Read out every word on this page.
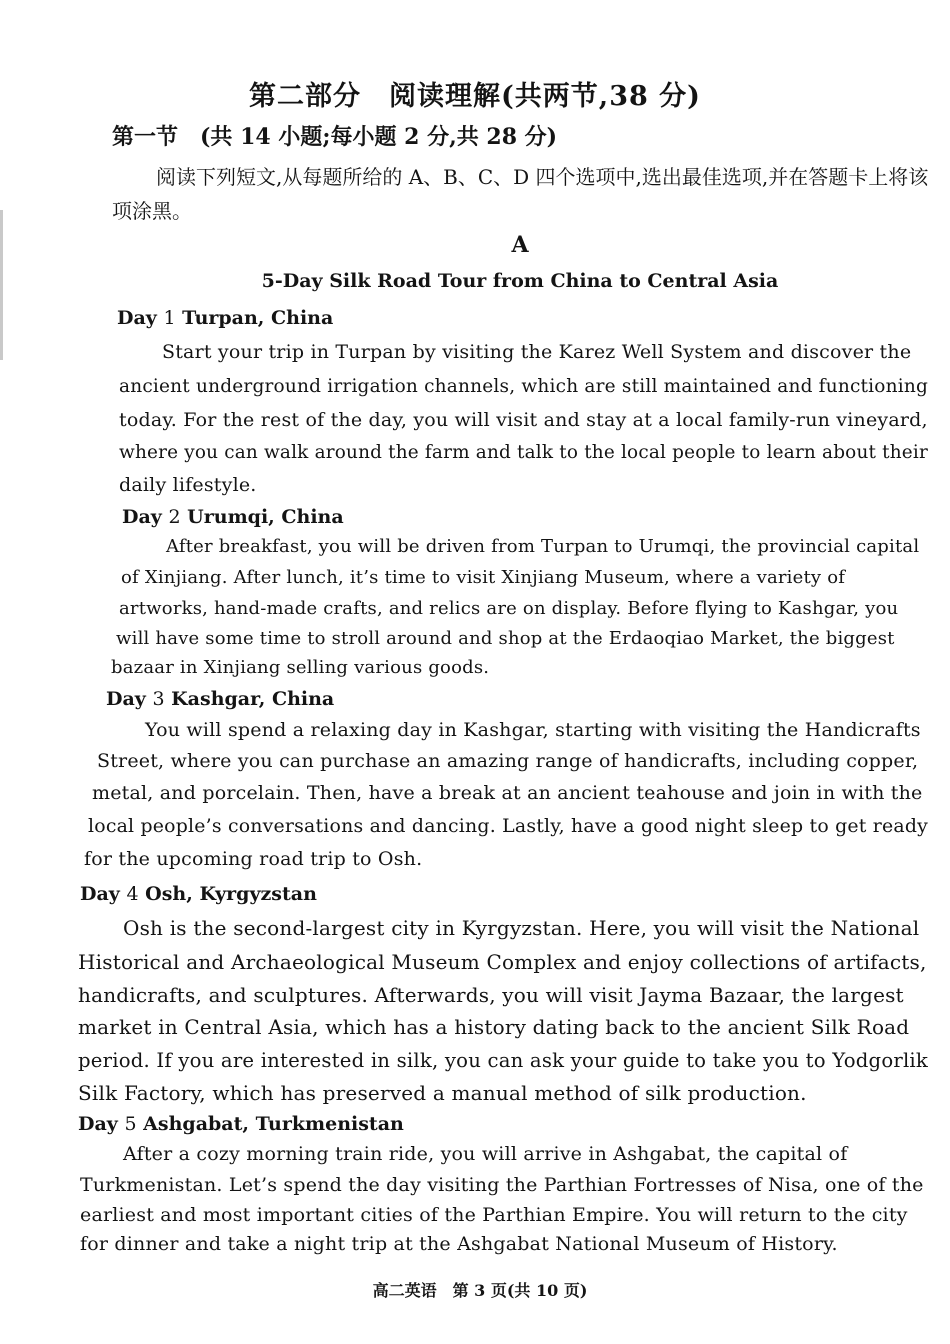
第二部分　阅读理解(共两节,38 分)
第一节　(共 14 小题;每小题 2 分,共 28 分)
阅读下列短文,从每题所给的 A、B、C、D 四个选项中,选出最佳选项,并在答题卡上将该项涂黑。
A
5-Day Silk Road Tour from China to Central Asia
Day 1 Turpan, China
Start your trip in Turpan by visiting the Karez Well System and discover the
ancient underground irrigation channels, which are still maintained and functioning
today. For the rest of the day, you will visit and stay at a local family-run vineyard,
where you can walk around the farm and talk to the local people to learn about their
daily lifestyle.
Day 2 Urumqi, China
After breakfast, you will be driven from Turpan to Urumqi, the provincial capital
of Xinjiang. After lunch, it’s time to visit Xinjiang Museum, where a variety of
artworks, hand-made crafts, and relics are on display. Before flying to Kashgar, you
will have some time to stroll around and shop at the Erdaoqiao Market, the biggest
bazaar in Xinjiang selling various goods.
Day 3 Kashgar, China
You will spend a relaxing day in Kashgar, starting with visiting the Handicrafts
Street, where you can purchase an amazing range of handicrafts, including copper,
metal, and porcelain. Then, have a break at an ancient teahouse and join in with the
local people’s conversations and dancing. Lastly, have a good night sleep to get ready
for the upcoming road trip to Osh.
Day 4 Osh, Kyrgyzstan
Osh is the second-largest city in Kyrgyzstan. Here, you will visit the National
Historical and Archaeological Museum Complex and enjoy collections of artifacts,
handicrafts, and sculptures. Afterwards, you will visit Jayma Bazaar, the largest
market in Central Asia, which has a history dating back to the ancient Silk Road
period. If you are interested in silk, you can ask your guide to take you to Yodgorlik
Silk Factory, which has preserved a manual method of silk production.
Day 5 Ashgabat, Turkmenistan
After a cozy morning train ride, you will arrive in Ashgabat, the capital of
Turkmenistan. Let’s spend the day visiting the Parthian Fortresses of Nisa, one of the
earliest and most important cities of the Parthian Empire. You will return to the city
for dinner and take a night trip at the Ashgabat National Museum of History.
高二英语　第 3 页(共 10 页)
